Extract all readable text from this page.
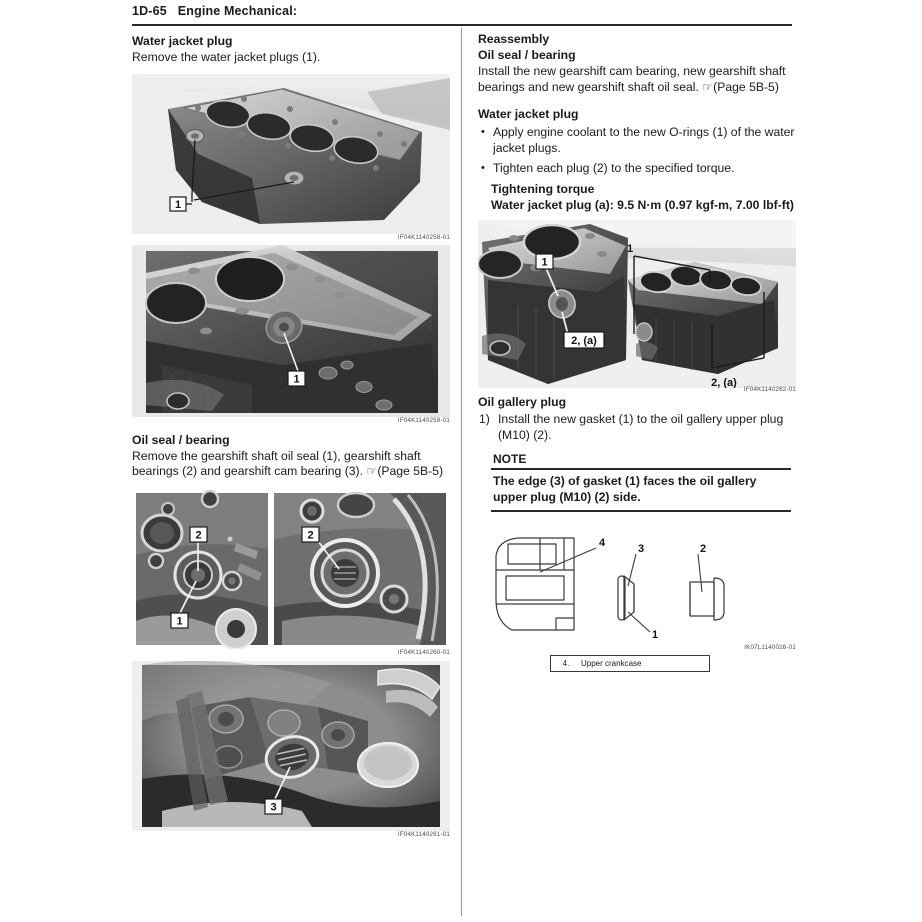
1D-65 Engine Mechanical:
Water jacket plug

Remove the water jacket plugs (1).

1
IF04K1140258-01
1
IF04K1140259-01
Oil seal / bearing

Remove the gearshift shaft oil seal (1), gearshift shaft bearings (2) and gearshift cam bearing (3). ☞(Page 5B-5)

2
1
2
IF04K1140260-01
3
IF04K1140261-01
Reassembly
Oil seal / bearing

Install the new gearshift cam bearing, new gearshift shaft bearings and new gearshift shaft oil seal. ☞(Page 5B-5)

Water jacket plug
• Apply engine coolant to the new O-rings (1) of the water jacket plugs.
• Tighten each plug (2) to the specified torque.
Tightening torque
Water jacket plug (a): 9.5 N·m (0.97 kgf-m, 7.00 lbf-ft)
1
2, (a)
1
2, (a)
IF04K1140262-01
Oil gallery plug
1) Install the new gasket (1) to the oil gallery upper plug (M10) (2).
NOTE
The edge (3) of gasket (1) faces the oil gallery upper plug (M10) (2) side.
4	3	2
1
IK07L1140026-01
4.	Upper crankcase
